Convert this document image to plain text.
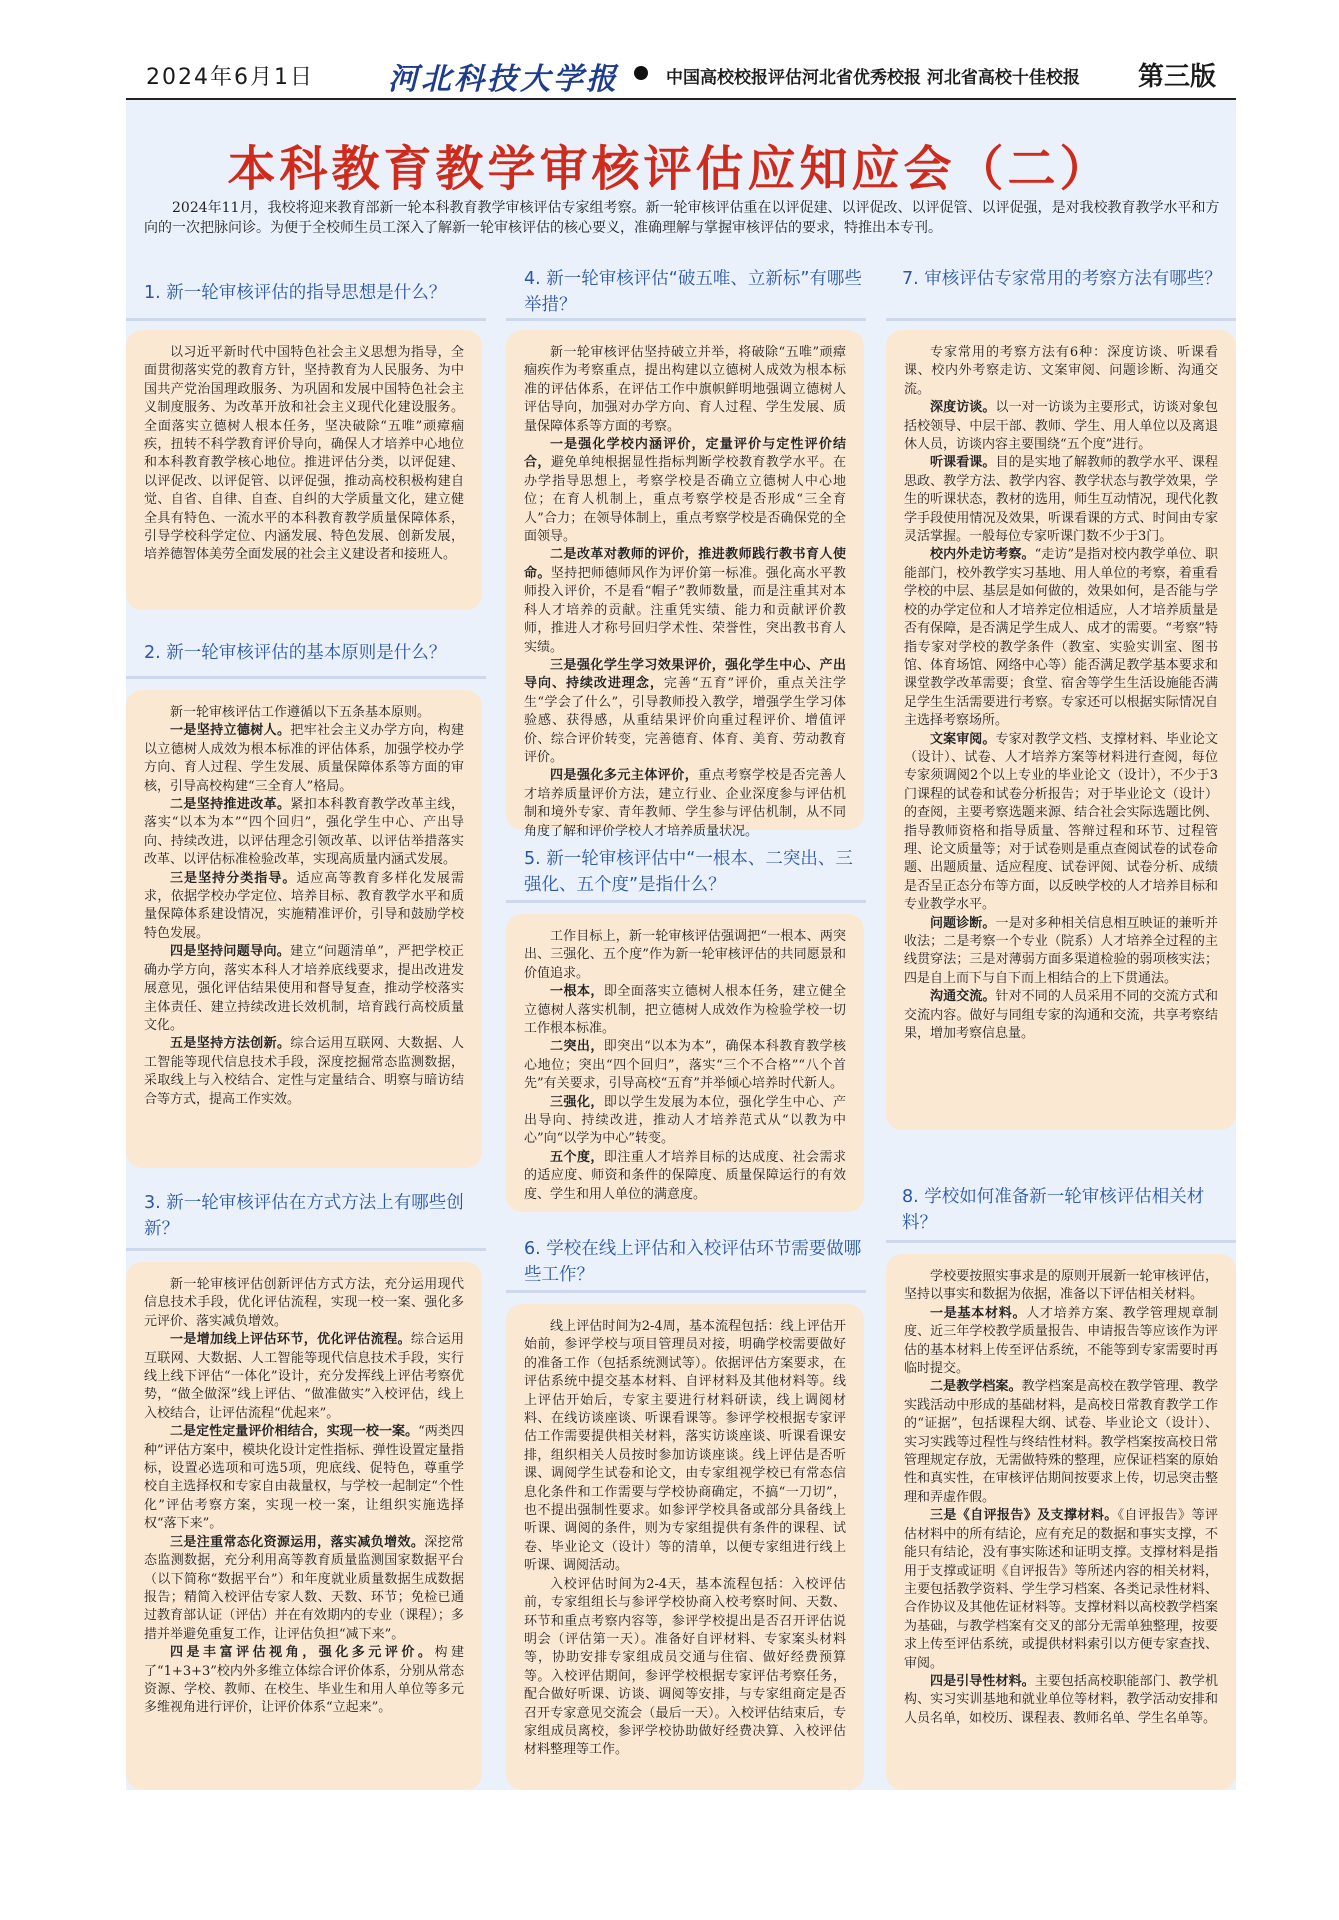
2024年6月1日 河北科技大学报	中国高校校报评估河北省优秀校报 河北省高校十佳校报 第三版
本科教育教学审核评估应知应会（二）
2024年11月，我校将迎来教育部新一轮本科教育教学审核评估专家组考察。新一轮审核评估重在以评促建、以评促改、以评促管、以评促强，是对我校教育教学水平和方向的一次把脉问诊。为便于全校师生员工深入了解新一轮审核评估的核心要义，准确理解与掌握审核评估的要求，特推出本专刊。
1. 新一轮审核评估的指导思想是什么？

以习近平新时代中国特色社会主义思想为指导，全面贯彻落实党的教育方针，坚持教育为人民服务、为中国共产党治国理政服务、为巩固和发展中国特色社会主义制度服务、为改革开放和社会主义现代化建设服务。全面落实立德树人根本任务，坚决破除“五唯”顽瘴痼疾，扭转不科学教育评价导向，确保人才培养中心地位和本科教育教学核心地位。推进评估分类，以评促建、以评促改、以评促管、以评促强，推动高校积极构建自觉、自省、自律、自查、自纠的大学质量文化，建立健全具有特色、一流水平的本科教育教学质量保障体系，引导学校科学定位、内涵发展、特色发展、创新发展，培养德智体美劳全面发展的社会主义建设者和接班人。

2. 新一轮审核评估的基本原则是什么？

新一轮审核评估工作遵循以下五条基本原则。

一是坚持立德树人。把牢社会主义办学方向，构建以立德树人成效为根本标准的评估体系，加强学校办学方向、育人过程、学生发展、质量保障体系等方面的审核，引导高校构建“三全育人”格局。

二是坚持推进改革。紧扣本科教育教学改革主线，落实“以本为本”“四个回归”，强化学生中心、产出导向、持续改进，以评估理念引领改革、以评估举措落实改革、以评估标准检验改革，实现高质量内涵式发展。

三是坚持分类指导。适应高等教育多样化发展需求，依据学校办学定位、培养目标、教育教学水平和质量保障体系建设情况，实施精准评价，引导和鼓励学校特色发展。

四是坚持问题导向。建立“问题清单”，严把学校正确办学方向，落实本科人才培养底线要求，提出改进发展意见，强化评估结果使用和督导复查，推动学校落实主体责任、建立持续改进长效机制，培育践行高校质量文化。

五是坚持方法创新。综合运用互联网、大数据、人工智能等现代信息技术手段，深度挖掘常态监测数据，采取线上与入校结合、定性与定量结合、明察与暗访结合等方式，提高工作实效。

3. 新一轮审核评估在方式方法上有哪些创新？

新一轮审核评估创新评估方式方法，充分运用现代信息技术手段，优化评估流程，实现一校一案、强化多元评价、落实减负增效。

一是增加线上评估环节，优化评估流程。综合运用互联网、大数据、人工智能等现代信息技术手段，实行线上线下评估“一体化”设计，充分发挥线上评估考察优势，“做全做深”线上评估、“做准做实”入校评估，线上入校结合，让评估流程“优起来”。

二是定性定量评价相结合，实现一校一案。“两类四种”评估方案中，模块化设计定性指标、弹性设置定量指标，设置必选项和可选5项，兜底线、促特色，尊重学校自主选择权和专家自由裁量权，与学校一起制定“个性化”评估考察方案，实现一校一案，让组织实施选择权“落下来”。

三是注重常态化资源运用，落实减负增效。深挖常态监测数据，充分利用高等教育质量监测国家数据平台（以下简称“数据平台”）和年度就业质量数据生成数据报告；精简入校评估专家人数、天数、环节；免检已通过教育部认证（评估）并在有效期内的专业（课程）；多措并举避免重复工作，让评估负担“减下来”。

四是丰富评估视角，强化多元评价。构建了“1+3+3”校内外多维立体综合评价体系，分别从常态资源、学校、教师、在校生、毕业生和用人单位等多元多维视角进行评价，让评价体系“立起来”。

4. 新一轮审核评估“破五唯、立新标”有哪些举措？

新一轮审核评估坚持破立并举，将破除“五唯”顽瘴痼疾作为考察重点，提出构建以立德树人成效为根本标准的评估体系，在评估工作中旗帜鲜明地强调立德树人评估导向，加强对办学方向、育人过程、学生发展、质量保障体系等方面的考察。

一是强化学校内涵评价，定量评价与定性评价结合，避免单纯根据显性指标判断学校教育教学水平。在办学指导思想上，考察学校是否确立立德树人中心地位；在育人机制上，重点考察学校是否形成“三全育人”合力；在领导体制上，重点考察学校是否确保党的全面领导。

二是改革对教师的评价，推进教师践行教书育人使命。坚持把师德师风作为评价第一标准。强化高水平教师投入评价，不是看“帽子”教师数量，而是注重其对本科人才培养的贡献。注重凭实绩、能力和贡献评价教师，推进人才称号回归学术性、荣誉性，突出教书育人实绩。

三是强化学生学习效果评价，强化学生中心、产出导向、持续改进理念，完善“五育”评价，重点关注学生“学会了什么”，引导教师投入教学，增强学生学习体验感、获得感，从重结果评价向重过程评价、增值评价、综合评价转变，完善德育、体育、美育、劳动教育评价。

四是强化多元主体评价，重点考察学校是否完善人才培养质量评价方法，建立行业、企业深度参与评估机制和境外专家、青年教师、学生参与评估机制，从不同角度了解和评价学校人才培养质量状况。

5. 新一轮审核评估中“一根本、二突出、三强化、五个度”是指什么？

工作目标上，新一轮审核评估强调把“一根本、两突出、三强化、五个度”作为新一轮审核评估的共同愿景和价值追求。

一根本，即全面落实立德树人根本任务，建立健全立德树人落实机制，把立德树人成效作为检验学校一切工作根本标准。

二突出，即突出“以本为本”，确保本科教育教学核心地位；突出“四个回归”，落实“三个不合格”“八个首先”有关要求，引导高校“五育”并举倾心培养时代新人。

三强化，即以学生发展为本位，强化学生中心、产出导向、持续改进，推动人才培养范式从“以教为中心”向“以学为中心”转变。

五个度，即注重人才培养目标的达成度、社会需求的适应度、师资和条件的保障度、质量保障运行的有效度、学生和用人单位的满意度。

6. 学校在线上评估和入校评估环节需要做哪些工作？

线上评估时间为2-4周，基本流程包括：线上评估开始前，参评学校与项目管理员对接，明确学校需要做好的准备工作（包括系统测试等）。依据评估方案要求，在评估系统中提交基本材料、自评材料及其他材料等。线上评估开始后，专家主要进行材料研读，线上调阅材料、在线访谈座谈、听课看课等。参评学校根据专家评估工作需要提供相关材料，落实访谈座谈、听课看课安排，组织相关人员按时参加访谈座谈。线上评估是否听课、调阅学生试卷和论文，由专家组视学校已有常态信息化条件和工作需要与学校协商确定，不搞“一刀切”，也不提出强制性要求。如参评学校具备或部分具备线上听课、调阅的条件，则为专家组提供有条件的课程、试卷、毕业论文（设计）等的清单，以便专家组进行线上听课、调阅活动。

入校评估时间为2-4天，基本流程包括：入校评估前，专家组组长与参评学校协商入校考察时间、天数、环节和重点考察内容等，参评学校提出是否召开评估说明会（评估第一天）。准备好自评材料、专家案头材料等，协助安排专家组成员交通与住宿、做好经费预算等。入校评估期间，参评学校根据专家评估考察任务，配合做好听课、访谈、调阅等安排，与专家组商定是否召开专家意见交流会（最后一天）。入校评估结束后，专家组成员离校，参评学校协助做好经费决算、入校评估材料整理等工作。

7. 审核评估专家常用的考察方法有哪些？

专家常用的考察方法有6种：深度访谈、听课看课、校内外考察走访、文案审阅、问题诊断、沟通交流。

深度访谈。以一对一访谈为主要形式，访谈对象包括校领导、中层干部、教师、学生、用人单位以及离退休人员，访谈内容主要围绕“五个度”进行。

听课看课。目的是实地了解教师的教学水平、课程思政、教学方法、教学内容、教学状态与教学效果，学生的听课状态，教材的选用，师生互动情况，现代化教学手段使用情况及效果，听课看课的方式、时间由专家灵活掌握。一般每位专家听课门数不少于3门。

校内外走访考察。“走访”是指对校内教学单位、职能部门，校外教学实习基地、用人单位的考察，着重看学校的中层、基层是如何做的，效果如何，是否能与学校的办学定位和人才培养定位相适应，人才培养质量是否有保障，是否满足学生成人、成才的需要。“考察”特指专家对学校的教学条件（教室、实验实训室、图书馆、体育场馆、网络中心等）能否满足教学基本要求和课堂教学改革需要；食堂、宿舍等学生生活设施能否满足学生生活需要进行考察。专家还可以根据实际情况自主选择考察场所。

文案审阅。专家对教学文档、支撑材料、毕业论文（设计）、试卷、人才培养方案等材料进行查阅，每位专家须调阅2个以上专业的毕业论文（设计），不少于3门课程的试卷和试卷分析报告；对于毕业论文（设计）的查阅，主要考察选题来源、结合社会实际选题比例、指导教师资格和指导质量、答辩过程和环节、过程管理、论文质量等；对于试卷则是重点查阅试卷的试卷命题、出题质量、适应程度、试卷评阅、试卷分析、成绩是否呈正态分布等方面，以反映学校的人才培养目标和专业教学水平。

问题诊断。一是对多种相关信息相互映证的兼听并收法；二是考察一个专业（院系）人才培养全过程的主线贯穿法；三是对薄弱方面多渠道检验的弱项核实法；四是自上而下与自下而上相结合的上下贯通法。

沟通交流。针对不同的人员采用不同的交流方式和交流内容。做好与同组专家的沟通和交流，共享考察结果，增加考察信息量。

8. 学校如何准备新一轮审核评估相关材料？

学校要按照实事求是的原则开展新一轮审核评估，坚持以事实和数据为依据，准备以下评估相关材料。

一是基本材料。人才培养方案、教学管理规章制度、近三年学校教学质量报告、申请报告等应该作为评估的基本材料上传至评估系统，不能等到专家需要时再临时提交。

二是教学档案。教学档案是高校在教学管理、教学实践活动中形成的基础材料，是高校日常教育教学工作的“证据”，包括课程大纲、试卷、毕业论文（设计）、实习实践等过程性与终结性材料。教学档案按高校日常管理规定存放，无需做特殊的整理，应保证档案的原始性和真实性，在审核评估期间按要求上传，切忌突击整理和弄虚作假。

三是《自评报告》及支撑材料。《自评报告》等评估材料中的所有结论，应有充足的数据和事实支撑，不能只有结论，没有事实陈述和证明支撑。支撑材料是指用于支撑或证明《自评报告》等所述内容的相关材料，主要包括教学资料、学生学习档案、各类记录性材料、合作协议及其他佐证材料等。支撑材料以高校教学档案为基础，与教学档案有交叉的部分无需单独整理，按要求上传至评估系统，或提供材料索引以方便专家查找、审阅。

四是引导性材料。主要包括高校职能部门、教学机构、实习实训基地和就业单位等材料，教学活动安排和人员名单，如校历、课程表、教师名单、学生名单等。
